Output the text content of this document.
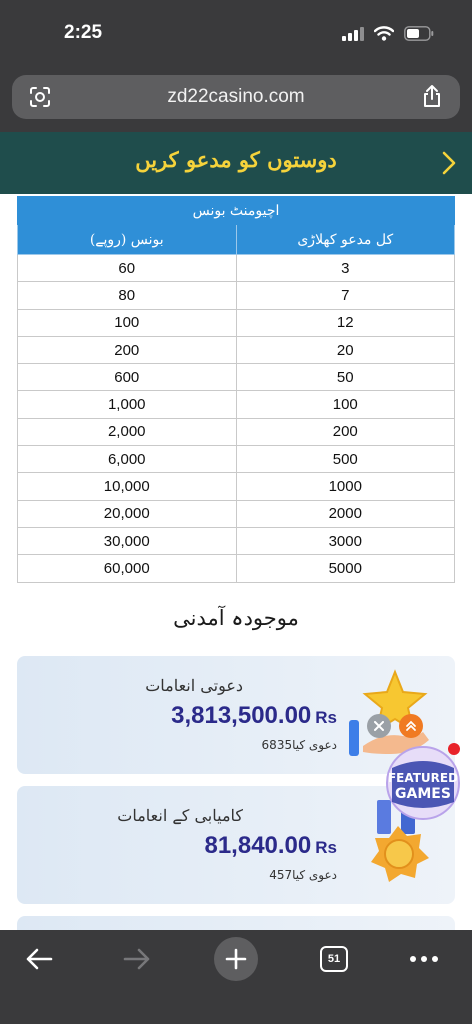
2:25
zd22casino.com
دوستوں کو مدعو کریں
اچیومنٹ بونس	
بونس (روپے)	کل مدعو کھلاڑی
60	3
80	7
100	12
200	20
600	50
1,000	100
2,000	200
6,000	500
10,000	1000
20,000	2000
30,000	3000
60,000	5000
موجودہ آمدنی
دعوتی انعامات
3,813,500.00 Rs
6835دعوی کیا
کامیابی کے انعامات
81,840.00 Rs
457دعوی کیا
FEATURED
GAMES
51
